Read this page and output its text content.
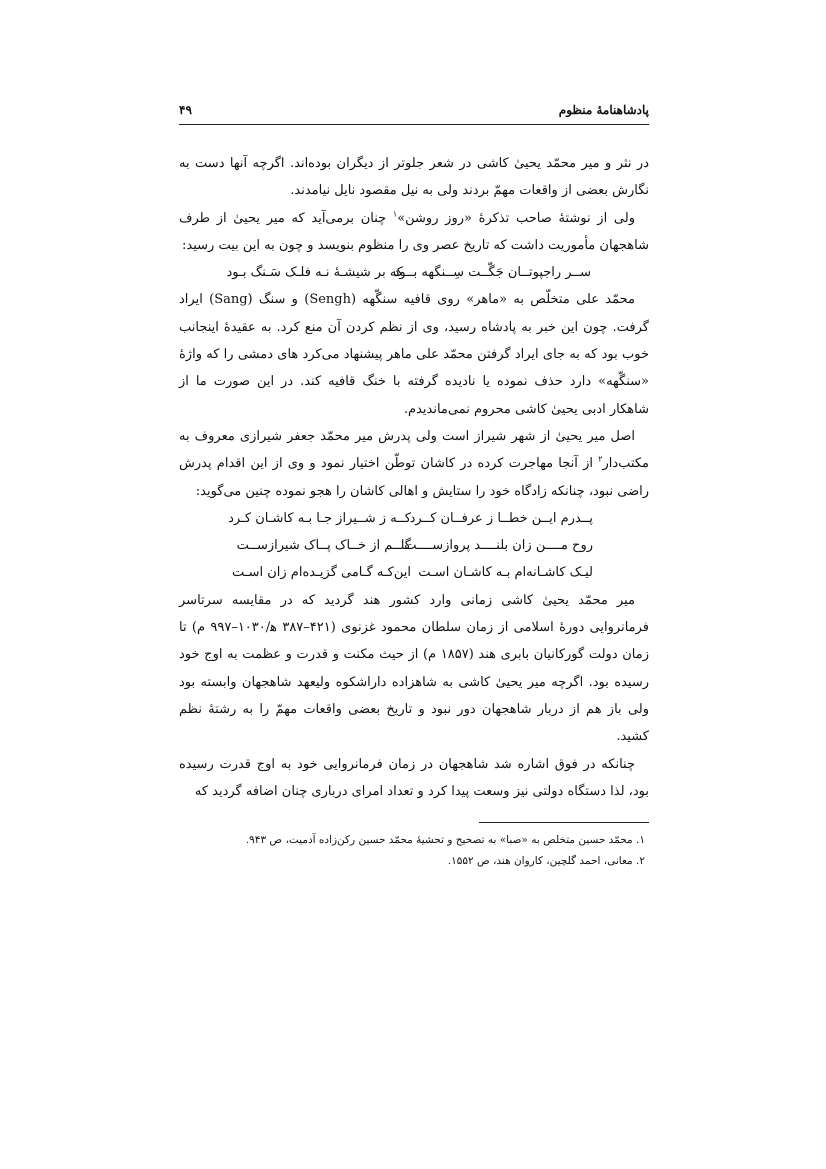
پادشاهنامهٔ منظوم
۴۹

در نثر و میر محمّد یحییٰ کاشی در شعر جلوتر از دیگران بوده‌اند. اگرچه آنها دست به نگارش بعضی از واقعات مهمّ بردند ولی به نیل مقصود نایل نیامدند.

ولی از نوشتهٔ صاحب تذکرهٔ «روز روشن»$^۱$ چنان برمی‌آید که میر یحییٰ از طرف شاهجهان مأموریت داشت که تاریخ عصر وی را منظوم بنویسد و چون به این بیت رسید:

ســر راجپوتــان جَگّــت سِــنگهه بــود
که بر شیشـهٔ نـه فلـک سَـنگ بـود

محمّد علی متخلّص به «ماهر» روی قافیه سنگّهه (Sengh) و سنگ (Sang) ایراد گرفت. چون این خبر به پادشاه رسید، وی از نظم کردن آن منع کرد. به عقیدهٔ اینجانب خوب بود که به جای ایراد گرفتن محمّد علی ماهر پیشنهاد می‌کرد های دمشی را که واژهٔ «سنگّهه» دارد حذف نموده یا نادیده گرفته با خنگ قافیه کند. در این صورت ما از شاهکار ادبی یحییٰ کاشی محروم نمی‌ماندیدم.

اصل میر یحییٰ از شهر شیراز است ولی پدرش میر محمّد جعفر شیرازی معروف به مکتب‌دار$^۲$ از آنجا مهاجرت کرده در کاشان توطّن اختیار نمود و وی از این اقدام پدرش راضی نبود، چنانکه زادگاه خود را ستایش و اهالی کاشان را هجو نموده چنین می‌گوید:

پــدرم ایــن خطــا ز عرفــان کــرد
کــه ز شــیراز جـا بـه کاشـان کـرد
روح مــــن زان بلنــــد پروازســــت
گلــم از خــاک پــاک شیرازســت
لیـک کاشـانه‌ام بـه کاشـان اسـت
این‌کـه گـامی گزیـده‌ام زان اسـت

میر محمّد یحییٰ کاشی زمانی وارد کشور هند گردید که در مقایسه سرتاسر فرمانروایی دورهٔ اسلامی از زمان سلطان محمود غزنوی (۴۲۱–۳۸۷ ه‍/۱۰۳۰–۹۹۷ م) تا زمان دولت گورکانیان بابری هند (۱۸۵۷ م) از حیث مکنت و قدرت و عظمت به اوج خود رسیده بود. اگرچه میر یحییٰ کاشی به شاهزاده داراشکوه ولیعهد شاهجهان وابسته بود ولی باز هم از دربار شاهجهان دور نبود و تاریخ بعضی واقعات مهمّ را به رشتهٔ نظم کشید.

چنانکه در فوق اشاره شد شاهجهان در زمان فرمانروایی خود به اوج قدرت رسیده بود، لذا دستگاه دولتی نیز وسعت پیدا کرد و تعداد امرای درباری چنان اضافه گردید که

۱. محمّد حسین متخلص به «صبا» به تصحیح و تحشیهٔ محمّد حسین رکن‌زاده آدمیت، ص ۹۴۳.
۲. معانی، احمد گلچین، کاروان هند، ص ۱۵۵۲.
